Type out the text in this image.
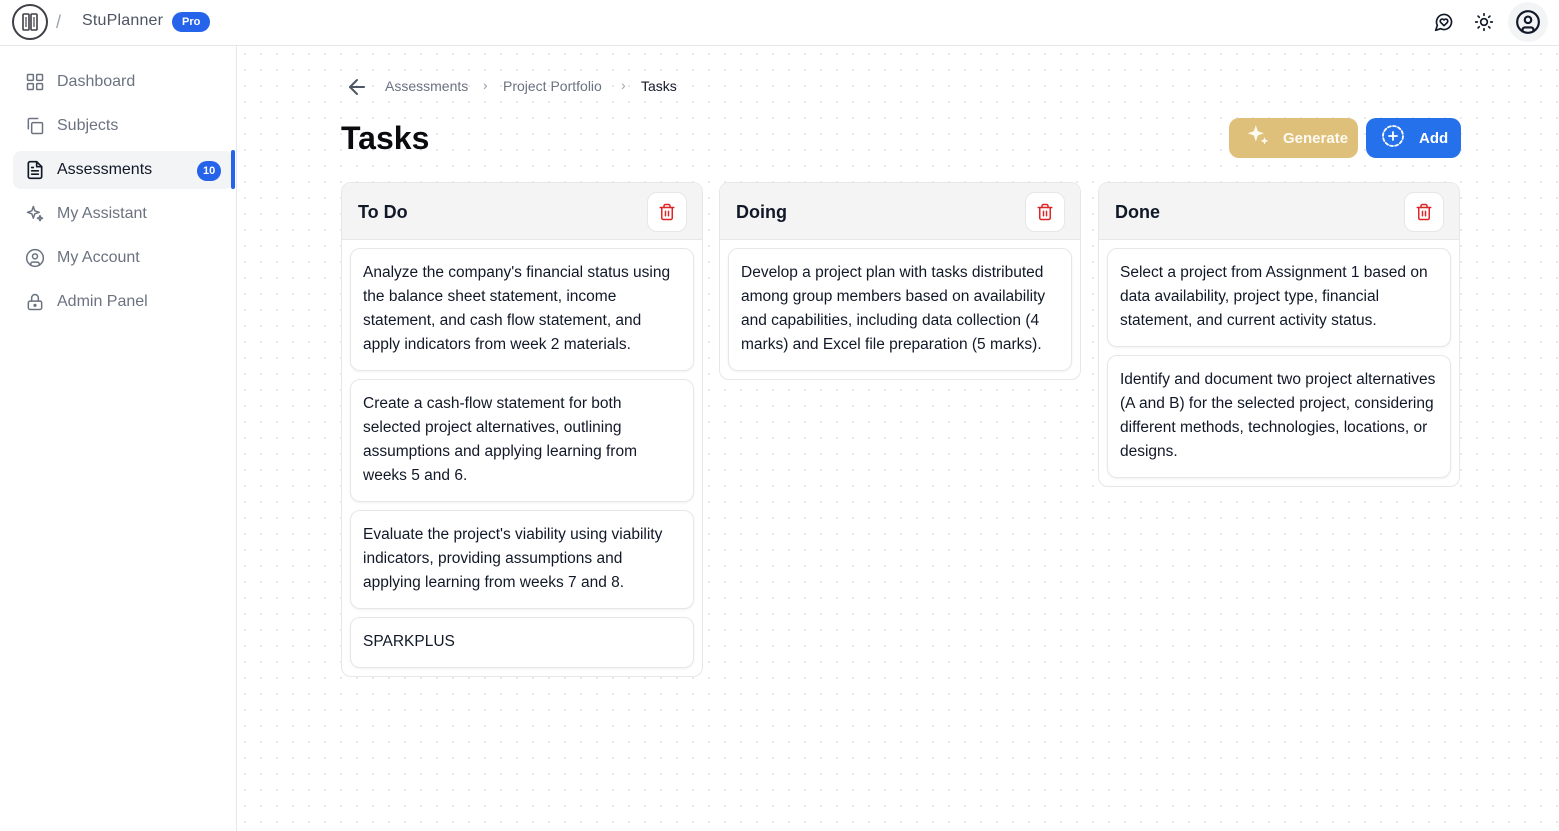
/ StuPlanner	Pro
Dashboard
Subjects
Assessments	10
My Assistant
My Account
Admin Panel
Assessments › Project Portfolio › Tasks
Tasks	Generate	Add
To Do
Analyze the company's financial status using the balance sheet statement, income statement, and cash flow statement, and apply indicators from week 2 materials.
Create a cash-flow statement for both selected project alternatives, outlining assumptions and applying learning from weeks 5 and 6.
Evaluate the project's viability using viability indicators, providing assumptions and applying learning from weeks 7 and 8.
SPARKPLUS
Doing
Develop a project plan with tasks distributed among group members based on availability and capabilities, including data collection (4 marks) and Excel file preparation (5 marks).
Done
Select a project from Assignment 1 based on data availability, project type, financial statement, and current activity status.
Identify and document two project alternatives (A and B) for the selected project, considering different methods, technologies, locations, or designs.
